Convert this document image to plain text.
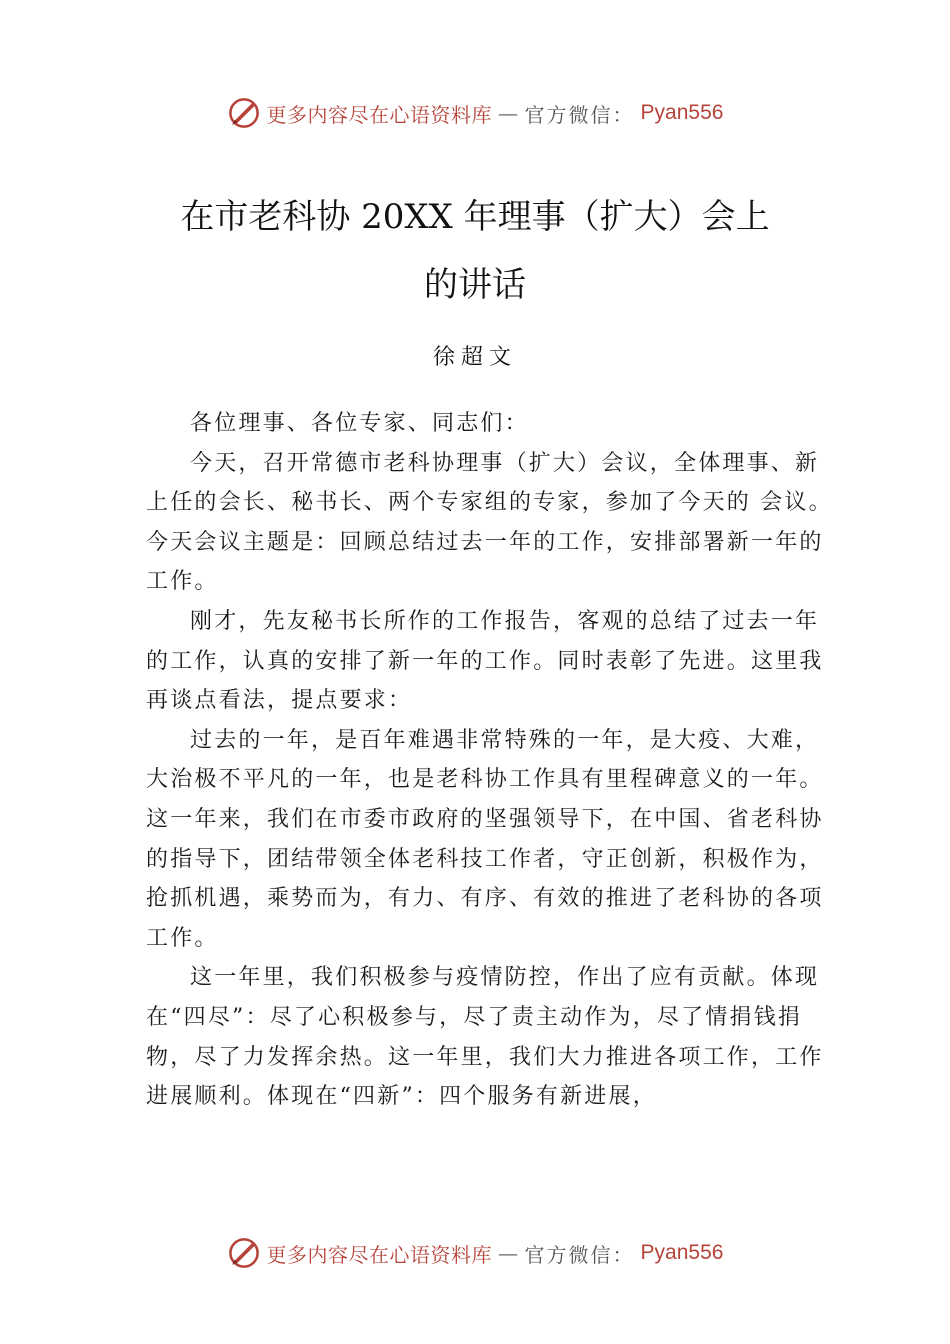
更多内容尽在心语资料库 — 官方微信： Pyan556
在市老科协 20XX 年理事（扩大）会上
的讲话
徐超文

各位理事、各位专家、同志们：

今天，召开常德市老科协理事（扩大）会议，全体理事、新上任的会长、秘书长、两个专家组的专家，参加了今天的 会议。今天会议主题是：回顾总结过去一年的工作，安排部署新一年的工作。

刚才，先友秘书长所作的工作报告，客观的总结了过去一年的工作，认真的安排了新一年的工作。同时表彰了先进。这里我再谈点看法，提点要求：

过去的一年，是百年难遇非常特殊的一年，是大疫、大难，大治极不平凡的一年，也是老科协工作具有里程碑意义的一年。这一年来，我们在市委市政府的坚强领导下，在中国、省老科协的指导下，团结带领全体老科技工作者，守正创新，积极作为，抢抓机遇，乘势而为，有力、有序、有效的推进了老科协的各项工作。

这一年里，我们积极参与疫情防控，作出了应有贡献。体现在“四尽”：尽了心积极参与，尽了责主动作为，尽了情捐钱捐物，尽了力发挥余热。这一年里，我们大力推进各项工作，工作进展顺利。体现在“四新”：四个服务有新进展，

更多内容尽在心语资料库 — 官方微信： Pyan556
